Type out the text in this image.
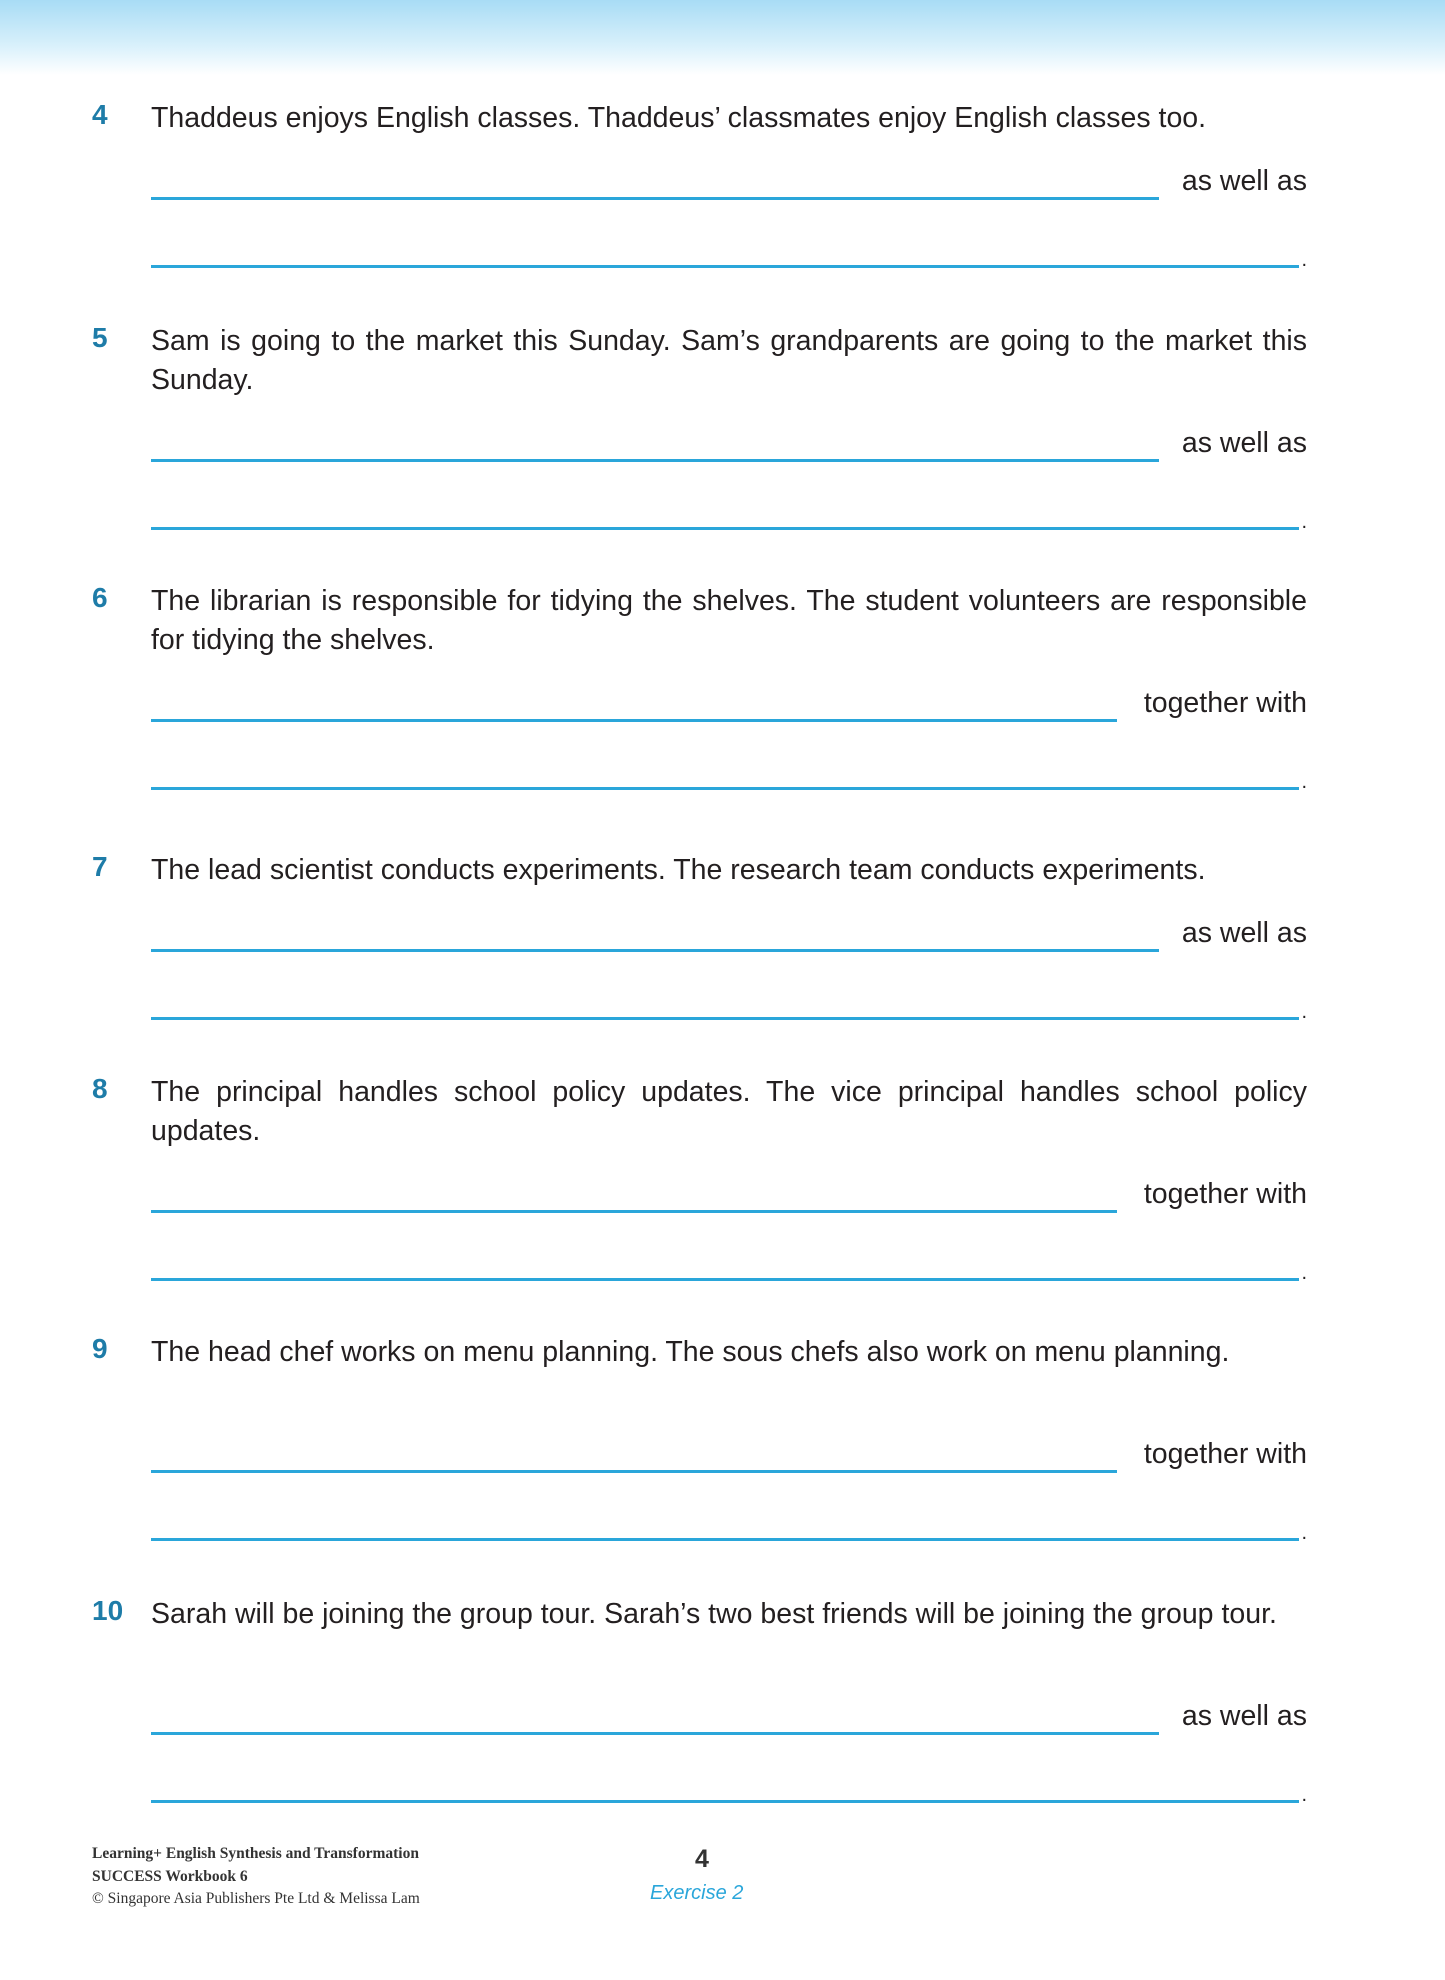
4	Thaddeus enjoys English classes. Thaddeus’ classmates enjoy English classes too.
as well as
.
5	Sam is going to the market this Sunday. Sam’s grandparents are going to the market this Sunday.
as well as
.
6	The librarian is responsible for tidying the shelves. The student volunteers are responsible for tidying the shelves.
together with
.
7	The lead scientist conducts experiments. The research team conducts experiments.
as well as
.
8	The principal handles school policy updates. The vice principal handles school policy updates.
together with
.
9	The head chef works on menu planning. The sous chefs also work on menu planning.
together with
.
10 Sarah will be joining the group tour. Sarah’s two best friends will be joining the group tour.
as well as
.
Learning+ English Synthesis and Transformation
SUCCESS Workbook 6
© Singapore Asia Publishers Pte Ltd & Melissa Lam
4
Exercise 2
